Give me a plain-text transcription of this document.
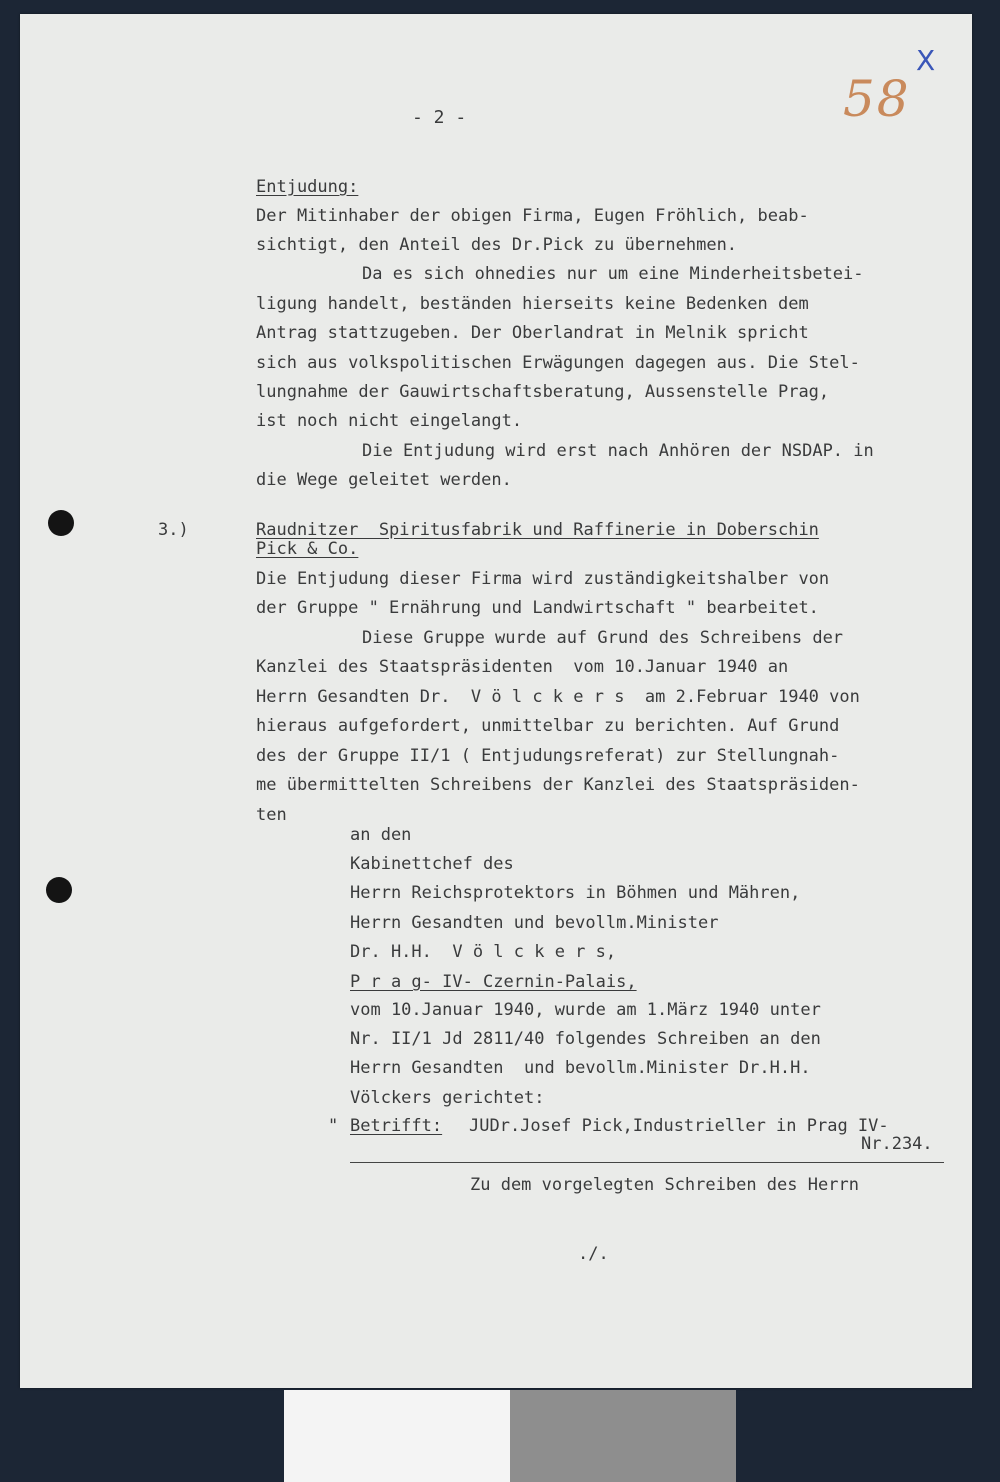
- 2 -	58
X
Entjudung:
Der Mitinhaber der obigen Firma, Eugen Fröhlich, beab-
sichtigt, den Anteil des Dr.Pick zu übernehmen.
Da es sich ohnedies nur um eine Minderheitsbetei-
ligung handelt, beständen hierseits keine Bedenken dem
Antrag stattzugeben. Der Oberlandrat in Melnik spricht
sich aus volkspolitischen Erwägungen dagegen aus. Die Stel-
lungnahme der Gauwirtschaftsberatung, Aussenstelle Prag,
ist noch nicht eingelangt.
Die Entjudung wird erst nach Anhören der NSDAP. in
die Wege geleitet werden.
3.)	Raudnitzer  Spiritusfabrik und Raffinerie in Doberschin
Pick & Co.
Die Entjudung dieser Firma wird zuständigkeitshalber von
der Gruppe " Ernährung und Landwirtschaft " bearbeitet.
Diese Gruppe wurde auf Grund des Schreibens der
Kanzlei des Staatspräsidenten  vom 10.Januar 1940 an
Herrn Gesandten Dr.  V ö l c k e r s  am 2.Februar 1940 von
hieraus aufgefordert, unmittelbar zu berichten. Auf Grund
des der Gruppe II/1 ( Entjudungsreferat) zur Stellungnah-
me übermittelten Schreibens der Kanzlei des Staatspräsiden-
ten
an den
Kabinettchef des
Herrn Reichsprotektors in Böhmen und Mähren,
Herrn Gesandten und bevollm.Minister
Dr. H.H.  V ö l c k e r s,
P r a g- IV- Czernin-Palais,
vom 10.Januar 1940, wurde am 1.März 1940 unter
Nr. II/1 Jd 2811/40 folgendes Schreiben an den
Herrn Gesandten  und bevollm.Minister Dr.H.H.
Völckers gerichtet:
" Betrifft: JUDr.Josef Pick,Industrieller in Prag IV-
Nr.234.
Zu dem vorgelegten Schreiben des Herrn
./.
